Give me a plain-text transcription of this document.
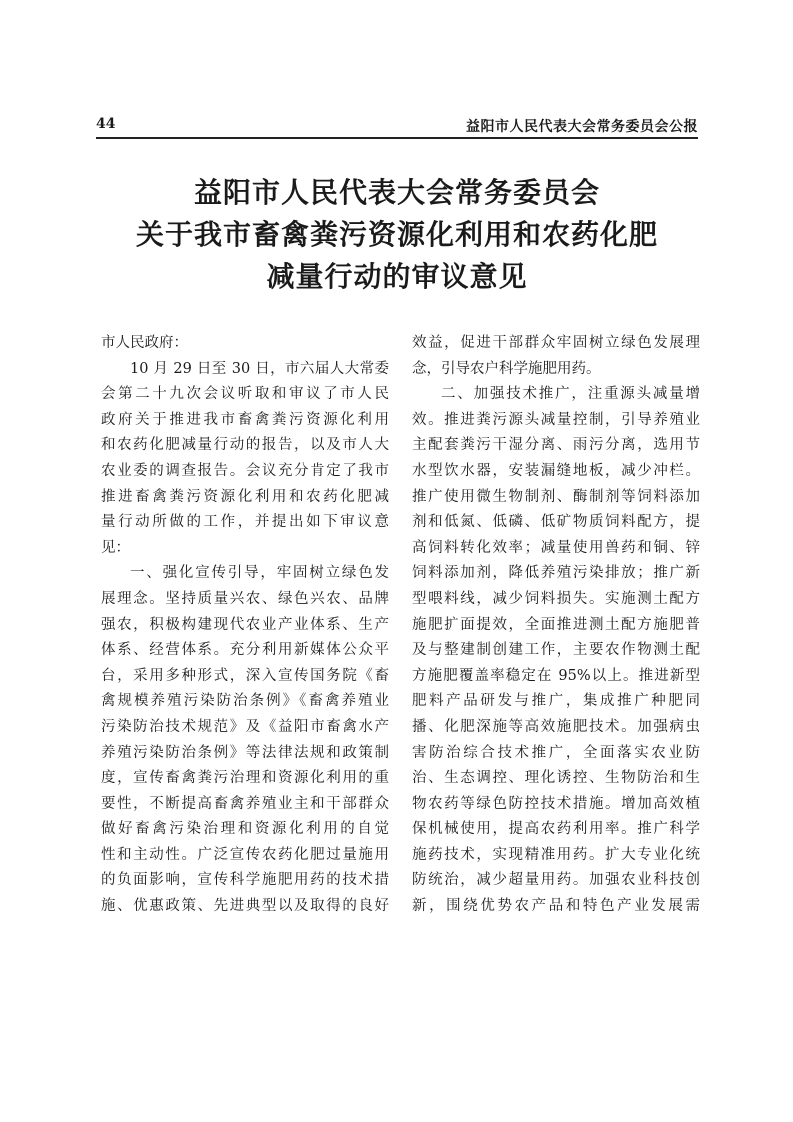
44	益阳市人民代表大会常务委员会公报
益阳市人民代表大会常务委员会
关于我市畜禽粪污资源化利用和农药化肥
减量行动的审议意见
市人民政府：
10 月 29 日至 30 日，市六届人大常委
会第二十九次会议听取和审议了市人民
政府关于推进我市畜禽粪污资源化利用
和农药化肥减量行动的报告，以及市人大
农业委的调查报告。会议充分肯定了我市
推进畜禽粪污资源化利用和农药化肥减
量行动所做的工作，并提出如下审议意
见：
一、强化宣传引导，牢固树立绿色发
展理念。坚持质量兴农、绿色兴农、品牌
强农，积极构建现代农业产业体系、生产
体系、经营体系。充分利用新媒体公众平
台，采用多种形式，深入宣传国务院《畜
禽规模养殖污染防治条例》《畜禽养殖业
污染防治技术规范》及《益阳市畜禽水产
养殖污染防治条例》等法律法规和政策制
度，宣传畜禽粪污治理和资源化利用的重
要性，不断提高畜禽养殖业主和干部群众
做好畜禽污染治理和资源化利用的自觉
性和主动性。广泛宣传农药化肥过量施用
的负面影响，宣传科学施肥用药的技术措
施、优惠政策、先进典型以及取得的良好
效益，促进干部群众牢固树立绿色发展理
念，引导农户科学施肥用药。
二、加强技术推广，注重源头减量增
效。推进粪污源头减量控制，引导养殖业
主配套粪污干湿分离、雨污分离，选用节
水型饮水器，安装漏缝地板，减少冲栏。
推广使用微生物制剂、酶制剂等饲料添加
剂和低氮、低磷、低矿物质饲料配方，提
高饲料转化效率；减量使用兽药和铜、锌
饲料添加剂，降低养殖污染排放；推广新
型喂料线，减少饲料损失。实施测土配方
施肥扩面提效，全面推进测土配方施肥普
及与整建制创建工作，主要农作物测土配
方施肥覆盖率稳定在 95%以上。推进新型
肥料产品研发与推广，集成推广种肥同
播、化肥深施等高效施肥技术。加强病虫
害防治综合技术推广，全面落实农业防
治、生态调控、理化诱控、生物防治和生
物农药等绿色防控技术措施。增加高效植
保机械使用，提高农药利用率。推广科学
施药技术，实现精准用药。扩大专业化统
防统治，减少超量用药。加强农业科技创
新，围绕优势农产品和特色产业发展需
